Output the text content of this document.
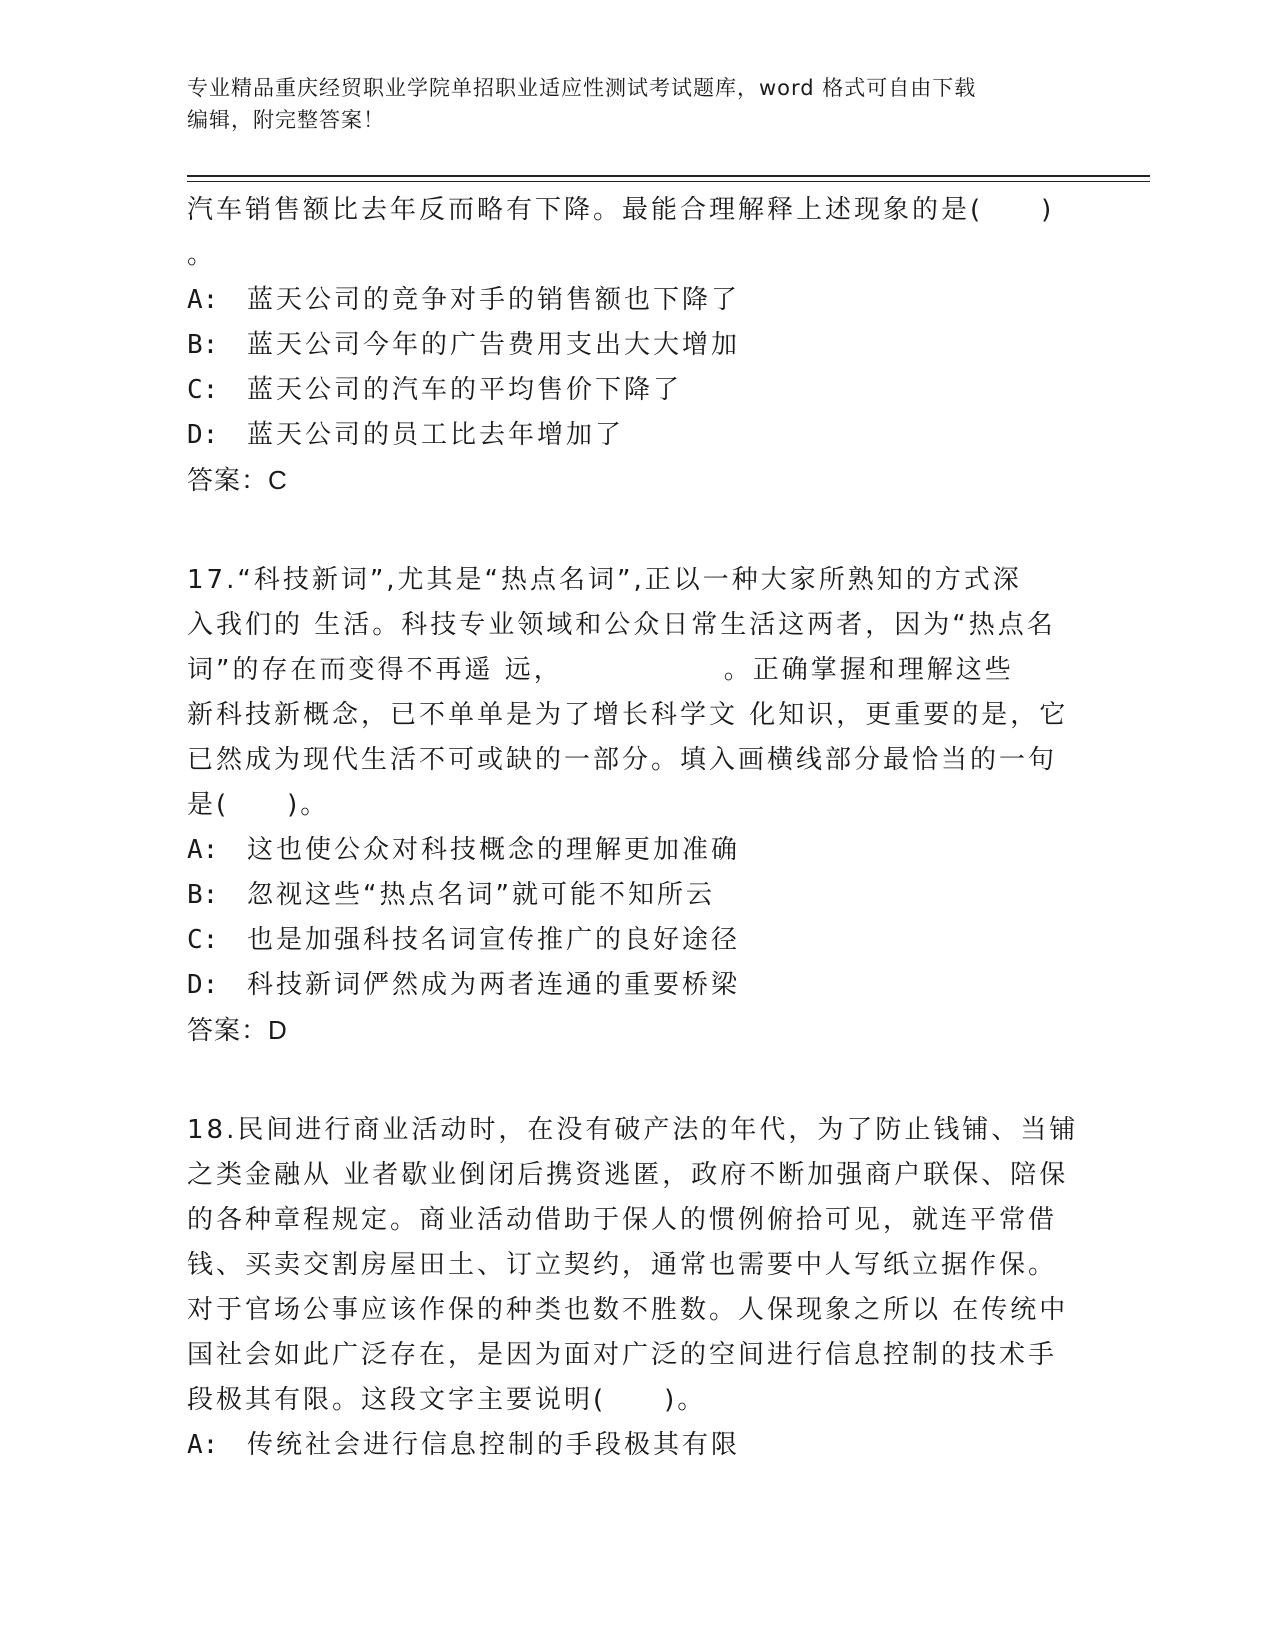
专业精品重庆经贸职业学院单招职业适应性测试考试题库，word 格式可自由下载
编辑，附完整答案！
汽车销售额比去年反而略有下降。最能合理解释上述现象的是(　　)
。
A: 蓝天公司的竞争对手的销售额也下降了
B: 蓝天公司今年的广告费用支出大大增加
C: 蓝天公司的汽车的平均售价下降了
D: 蓝天公司的员工比去年增加了
答案：C
17.“科技新词”,尤其是“热点名词”,正以一种大家所熟知的方式深
入我们的 生活。科技专业领域和公众日常生活这两者，因为“热点名
词”的存在而变得不再遥 远，　　　　　　。正确掌握和理解这些
新科技新概念，已不单单是为了增长科学文 化知识，更重要的是，它
已然成为现代生活不可或缺的一部分。填入画横线部分最恰当的一句
是(　　)。
A: 这也使公众对科技概念的理解更加准确
B: 忽视这些“热点名词”就可能不知所云
C: 也是加强科技名词宣传推广的良好途径
D: 科技新词俨然成为两者连通的重要桥梁
答案：D
18.民间进行商业活动时，在没有破产法的年代，为了防止钱铺、当铺
之类金融从 业者歇业倒闭后携资逃匿，政府不断加强商户联保、陪保
的各种章程规定。商业活动借助于保人的惯例俯拾可见，就连平常借
钱、买卖交割房屋田土、订立契约，通常也需要中人写纸立据作保。
对于官场公事应该作保的种类也数不胜数。人保现象之所以 在传统中
国社会如此广泛存在，是因为面对广泛的空间进行信息控制的技术手
段极其有限。这段文字主要说明(　　)。
A: 传统社会进行信息控制的手段极其有限
